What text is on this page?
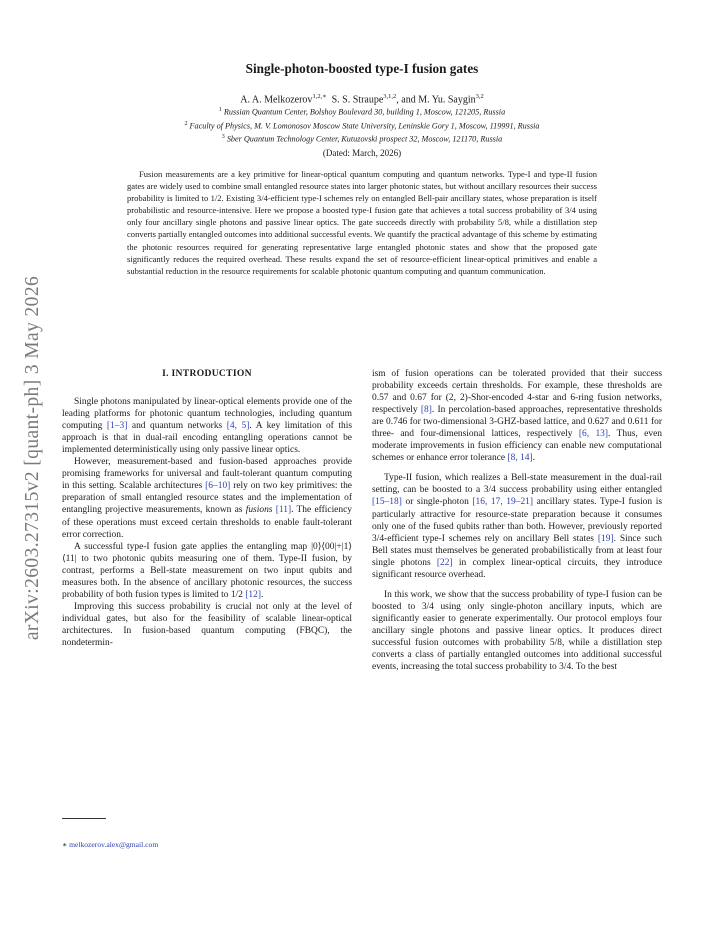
arXiv:2603.27315v2 [quant-ph] 3 May 2026
Single-photon-boosted type-I fusion gates
A. A. Melkozerov$^{1,2,∗}$ S. S. Straupe$^{3,1,2}$, and M. Yu. Saygin$^{3,2}$
$^1$ Russian Quantum Center, Bolshoy Boulevard 30, building 1, Moscow, 121205, Russia
$^2$ Faculty of Physics, M. V. Lomonosov Moscow State University, Leninskie Gory 1, Moscow, 119991, Russia
$^3$ Sber Quantum Technology Center, Kutuzovski prospect 32, Moscow, 121170, Russia
(Dated: March, 2026)
Fusion measurements are a key primitive for linear-optical quantum computing and quantum networks. Type-I and type-II fusion gates are widely used to combine small entangled resource states into larger photonic states, but without ancillary resources their success probability is limited to 1/2. Existing 3/4-efficient type-I schemes rely on entangled Bell-pair ancillary states, whose preparation is itself probabilistic and resource-intensive. Here we propose a boosted type-I fusion gate that achieves a total success probability of 3/4 using only four ancillary single photons and passive linear optics. The gate succeeds directly with probability 5/8, while a distillation step converts partially entangled outcomes into additional successful events. We quantify the practical advantage of this scheme by estimating the photonic resources required for generating representative large entangled photonic states and show that the proposed gate significantly reduces the required overhead. These results expand the set of resource-efficient linear-optical primitives and enable a substantial reduction in the resource requirements for scalable photonic quantum computing and quantum communication.
I. INTRODUCTION

Single photons manipulated by linear-optical elements provide one of the leading platforms for photonic quantum technologies, including quantum computing [1–3] and quantum networks [4, 5]. A key limitation of this approach is that in dual-rail encoding entangling operations cannot be implemented deterministically using only passive linear optics.

However, measurement-based and fusion-based approaches provide promising frameworks for universal and fault-tolerant quantum computing in this setting. Scalable architectures [6–10] rely on two key primitives: the preparation of small entangled resource states and the implementation of entangling projective measurements, known as fusions [11]. The efficiency of these operations must exceed certain thresholds to enable fault-tolerant error correction.

A successful type-I fusion gate applies the entangling map |0⟩⟨00|+|1⟩⟨11| to two photonic qubits measuring one of them. Type-II fusion, by contrast, performs a Bell-state measurement on two input qubits and measures both. In the absence of ancillary photonic resources, the success probability of both fusion types is limited to 1/2 [12].

Improving this success probability is crucial not only at the level of individual gates, but also for the feasibility of scalable linear-optical architectures. In fusion-based quantum computing (FBQC), the nondetermin-

ism of fusion operations can be tolerated provided that their success probability exceeds certain thresholds. For example, these thresholds are 0.57 and 0.67 for (2, 2)-Shor-encoded 4-star and 6-ring fusion networks, respectively [8]. In percolation-based approaches, representative thresholds are 0.746 for two-dimensional 3-GHZ-based lattice, and 0.627 and 0.611 for three- and four-dimensional lattices, respectively [6, 13]. Thus, even moderate improvements in fusion efficiency can enable new computational schemes or enhance error tolerance [8, 14].

Type-II fusion, which realizes a Bell-state measurement in the dual-rail setting, can be boosted to a 3/4 success probability using either entangled [15–18] or single-photon [16, 17, 19–21] ancillary states. Type-I fusion is particularly attractive for resource-state preparation because it consumes only one of the fused qubits rather than both. However, previously reported 3/4-efficient type-I schemes rely on ancillary Bell states [19]. Since such Bell states must themselves be generated probabilistically from at least four single photons [22] in complex linear-optical circuits, they introduce significant resource overhead.

In this work, we show that the success probability of type-I fusion can be boosted to 3/4 using only single-photon ancillary inputs, which are significantly easier to generate experimentally. Our protocol employs four ancillary single photons and passive linear optics. It produces direct successful fusion outcomes with probability 5/8, while a distillation step converts a class of partially entangled outcomes into additional successful events, increasing the total success probability to 3/4. To the best

∗ melkozerov.alex@gmail.com
